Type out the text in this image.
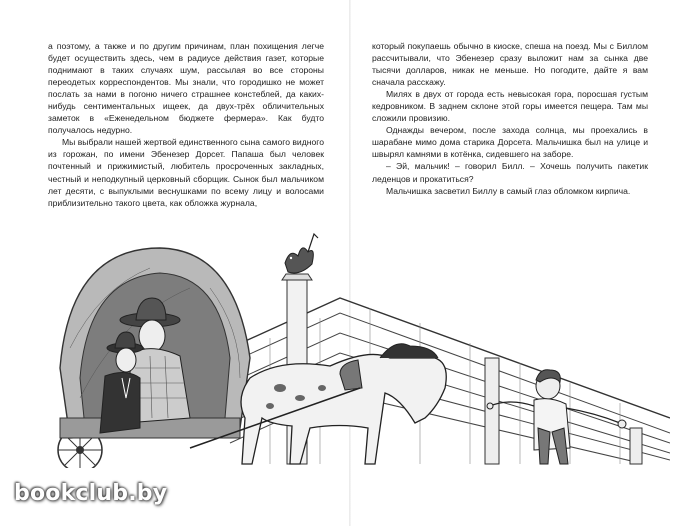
а поэтому, а также и по другим причинам, план похищения легче будет осуществить здесь, чем в радиусе действия газет, которые поднимают в таких случаях шум, рассылая во все стороны переодетых корреспондентов. Мы знали, что городишко не может послать за нами в погоню ничего страшнее констеблей, да каких-нибудь сентиментальных ищеек, да двух-трёх обличительных заметок в «Еженедельном бюджете фермера». Как будто получалось недурно.

Мы выбрали нашей жертвой единственного сына самого видного из горожан, по имени Эбенезер Дорсет. Папаша был человек почтенный и прижимистый, любитель просроченных закладных, честный и неподкупный церковный сборщик. Сынок был мальчиком лет десяти, с выпуклыми веснушками по всему лицу и волосами приблизительно такого цвета, как обложка журнала,

который покупаешь обычно в киоске, спеша на поезд. Мы с Биллом рассчитывали, что Эбенезер сразу выложит нам за сынка две тысячи долларов, никак не меньше. Но погодите, дайте я вам сначала расскажу.

Милях в двух от города есть невысокая гора, поросшая густым кедровником. В заднем склоне этой горы имеется пещера. Там мы сложили провизию.

Однажды вечером, после захода солнца, мы проехались в шарабане мимо дома старика Дорсета. Мальчишка был на улице и швырял камнями в котёнка, сидевшего на заборе.

– Эй, мальчик! – говорил Билл. – Хочешь получить пакетик леденцов и прокатиться?

Мальчишка засветил Биллу в самый глаз обломком кирпича.

bookclub.by
